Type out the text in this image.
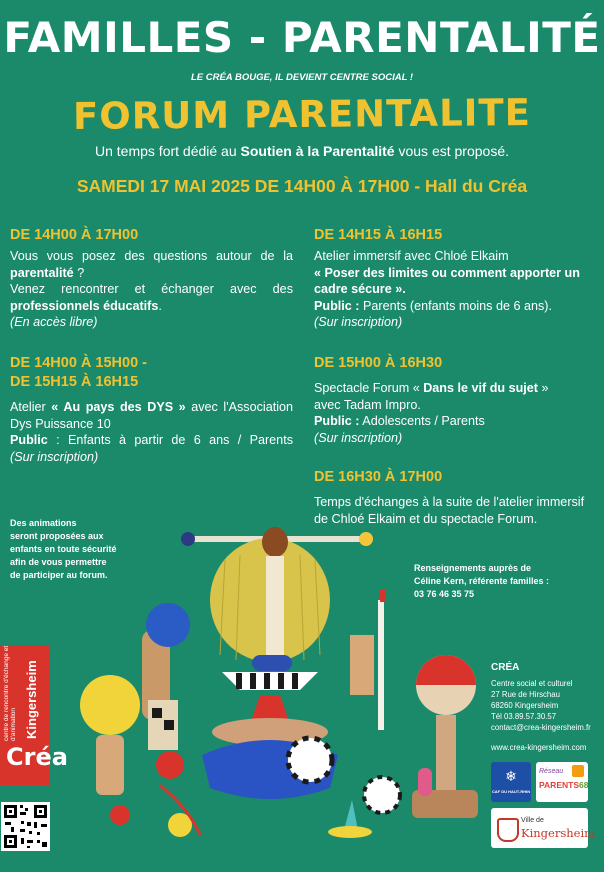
FAMILLES - PARENTALITÉ
LE CRÉA BOUGE, IL DEVIENT CENTRE SOCIAL !
FORUM PARENTALITE
Un temps fort dédié au Soutien à la Parentalité vous est proposé.
SAMEDI 17 MAI 2025 DE 14H00 À 17H00 - Hall du Créa
DE 14H00 À 17H00
Vous vous posez des questions autour de la
parentalité ?
Venez rencontrer et échanger avec des
professionnels éducatifs.
(En accès libre)
DE 14H00 À 15H00 -
DE 15H15 À 16H15
Atelier « Au pays des DYS » avec l'Association
Dys Puissance 10
Public : Enfants à partir de 6 ans / Parents
(Sur inscription)
DE 14H15 À 16H15
Atelier immersif avec Chloé Elkaim
« Poser des limites ou comment apporter un
cadre sécure ».
Public : Parents (enfants moins de 6 ans).
(Sur inscription)
DE 15H00 À 16H30
Spectacle Forum « Dans le vif du sujet »
avec Tadam Impro.
Public : Adolescents / Parents
(Sur inscription)
DE 16H30 À 17H00
Temps d'échanges à la suite de l'atelier immersif
de Chloé Elkaim et du spectacle Forum.
Des animations
seront proposées aux
enfants en toute sécurité
afin de vous permettre
de participer au forum.
Renseignements auprès de
Céline Kern, référente familles :
03 76 46 35 75
CRÉA
Centre social et culturel
27 Rue de Hirschau
68260 Kingersheim
Tél 03.89.57.30.57
contact@crea-kingersheim.fr
www.crea-kingersheim.com
centre de rencontre d'échange et d'animation Kingersheim
Créa
❄
CAF DU HAUT-RHIN
Réseau
PARENTS68
Ville de
Kingersheim
